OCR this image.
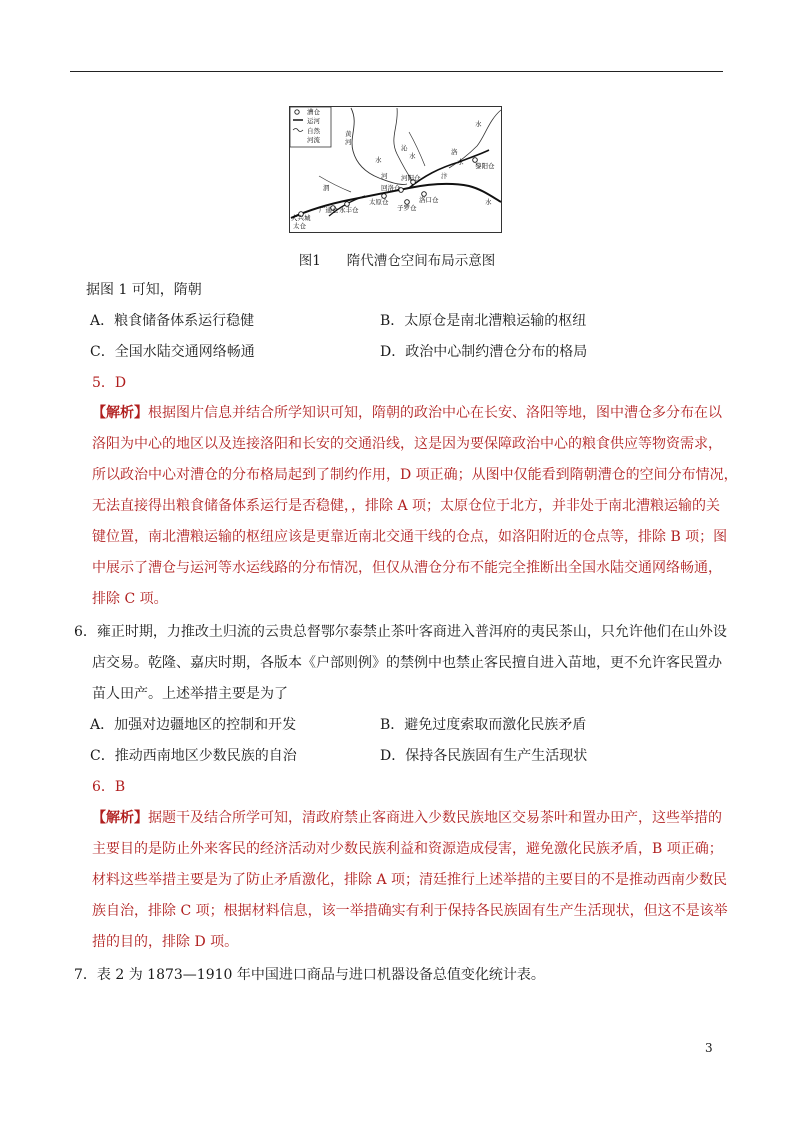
漕仓
运河
自然
河流
黄
河
水
水
沁
水	洛
水
渭
汴
河
水
黎阳仓
河阳仓
回洛仓
太原仓	洛口仓
子罗仓
永丰仓
广通仓
大兴城
太仓
图1 隋代漕仓空间布局示意图
据图 1 可知，隋朝
A．粮食储备体系运行稳健	B．太原仓是南北漕粮运输的枢纽
C．全国水陆交通网络畅通	D．政治中心制约漕仓分布的格局
5．D
【解析】根据图片信息并结合所学知识可知，隋朝的政治中心在长安、洛阳等地，图中漕仓多分布在以
洛阳为中心的地区以及连接洛阳和长安的交通沿线，这是因为要保障政治中心的粮食供应等物资需求，
所以政治中心对漕仓的分布格局起到了制约作用，D 项正确；从图中仅能看到隋朝漕仓的空间分布情况，
无法直接得出粮食储备体系运行是否稳健，，排除 A 项；太原仓位于北方，并非处于南北漕粮运输的关
键位置，南北漕粮运输的枢纽应该是更靠近南北交通干线的仓点，如洛阳附近的仓点等，排除 B 项；图
中展示了漕仓与运河等水运线路的分布情况，但仅从漕仓分布不能完全推断出全国水陆交通网络畅通，
排除 C 项。
6．雍正时期，力推改土归流的云贵总督鄂尔泰禁止茶叶客商进入普洱府的夷民茶山，只允许他们在山外设
店交易。乾隆、嘉庆时期，各版本《户部则例》的禁例中也禁止客民擅自进入苗地，更不允许客民置办
苗人田产。上述举措主要是为了
A．加强对边疆地区的控制和开发	B．避免过度索取而激化民族矛盾
C．推动西南地区少数民族的自治	D．保持各民族固有生产生活现状
6．B
【解析】据题干及结合所学可知，清政府禁止客商进入少数民族地区交易茶叶和置办田产，这些举措的
主要目的是防止外来客民的经济活动对少数民族利益和资源造成侵害，避免激化民族矛盾，B 项正确；
材料这些举措主要是为了防止矛盾激化，排除 A 项；清廷推行上述举措的主要目的不是推动西南少数民
族自治，排除 C 项；根据材料信息，该一举措确实有利于保持各民族固有生产生活现状，但这不是该举
措的目的，排除 D 项。
7．表 2 为 1873—1910 年中国进口商品与进口机器设备总值变化统计表。
3
